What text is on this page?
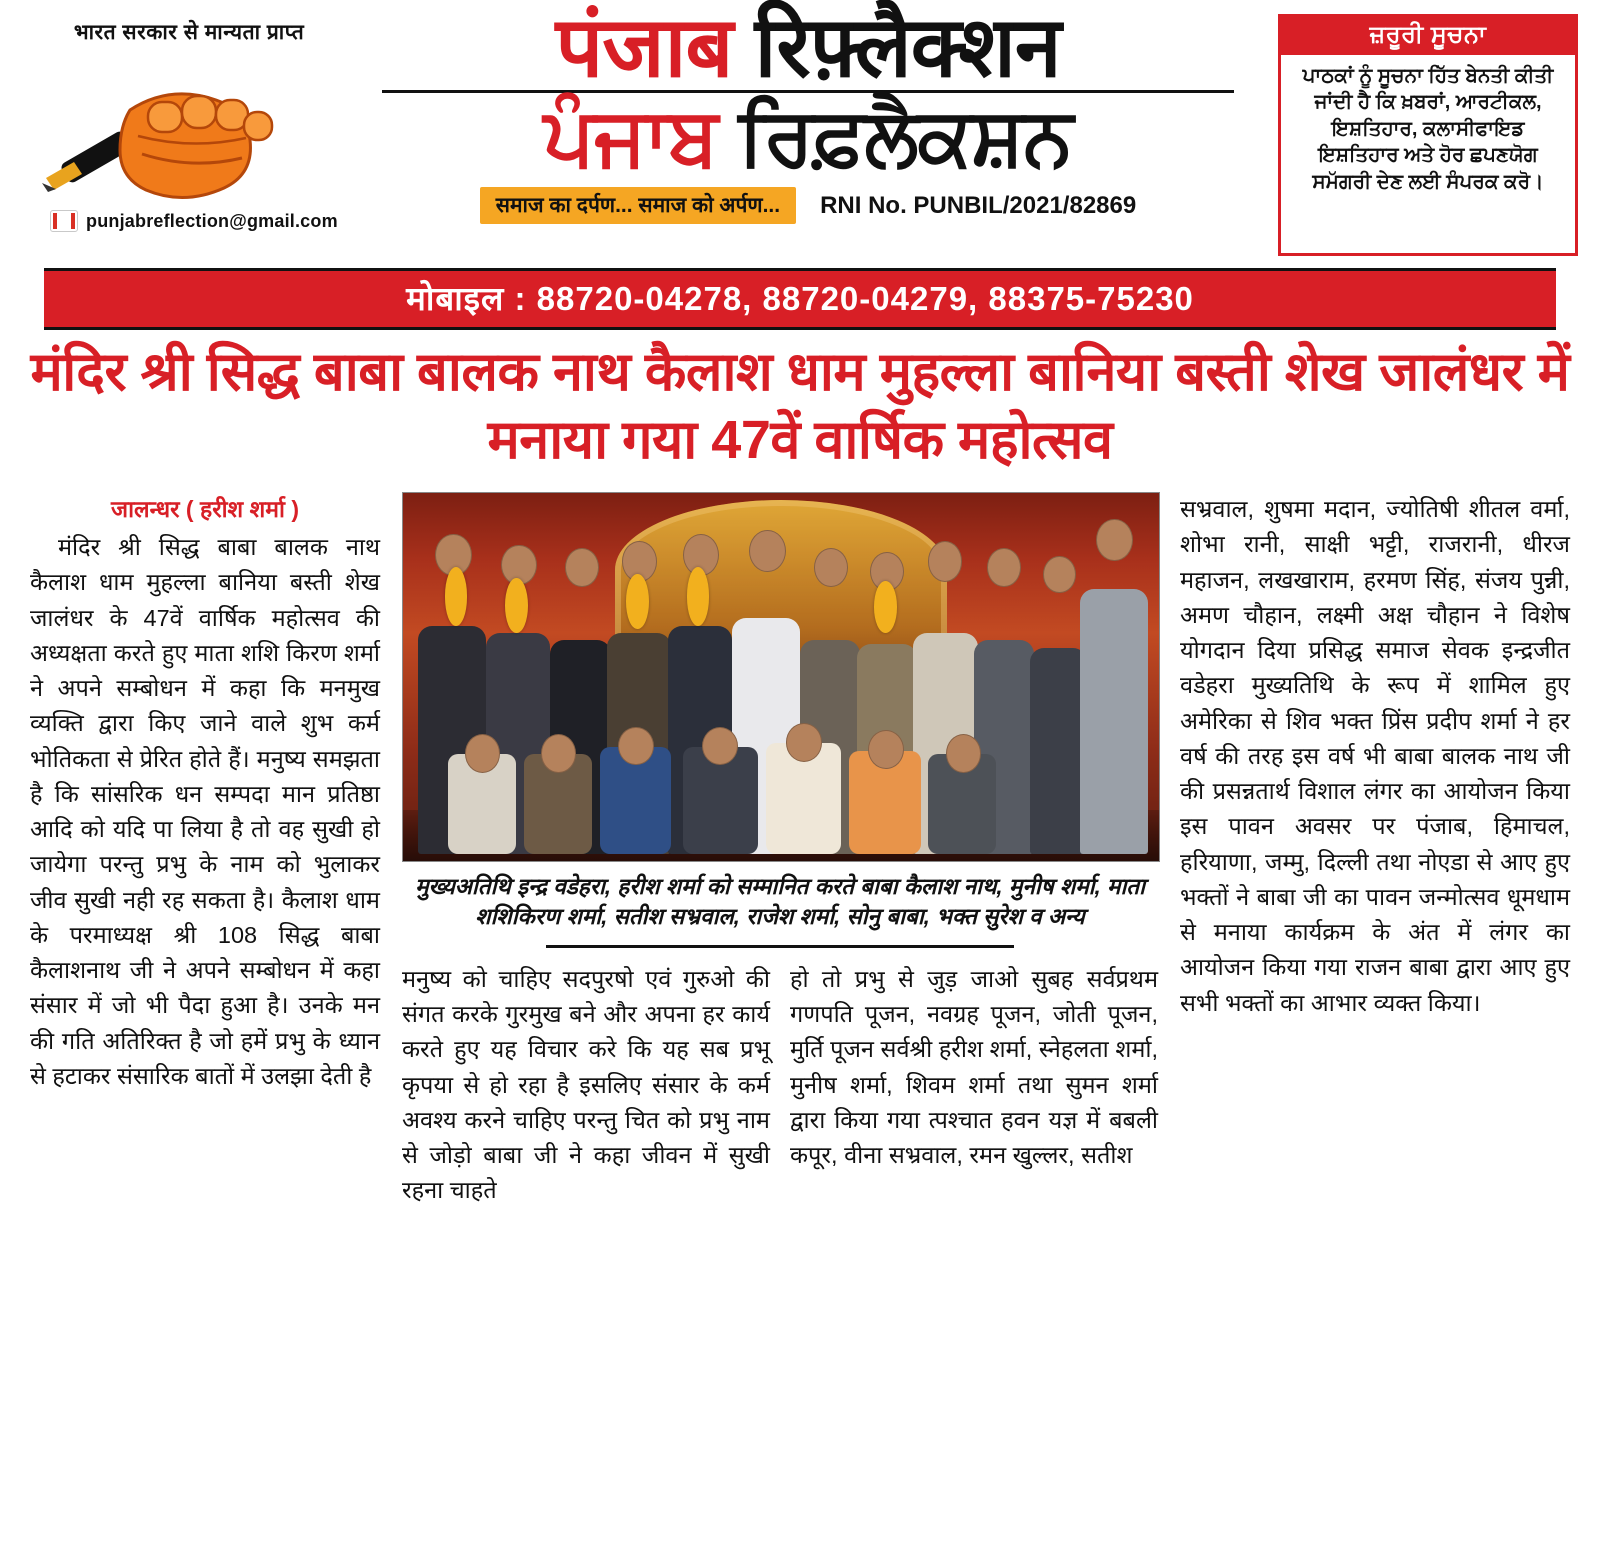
भारत सरकार से मान्यता प्राप्त
punjabreflection@gmail.com
पंजाब रिफ़्लैक्शन
ਪੰਜਾਬ ਰਿਫ਼ਲੈਕਸ਼ਨ
समाज का दर्पण... समाज को अर्पण...	RNI No. PUNBIL/2021/82869
ਜ਼ਰੂਰੀ ਸੂਚਨਾ
ਪਾਠਕਾਂ ਨੂੰ ਸੂਚਨਾ ਹਿੱਤ ਬੇਨਤੀ ਕੀਤੀ ਜਾਂਦੀ ਹੈ ਕਿ ਖ਼ਬਰਾਂ, ਆਰਟੀਕਲ, ਇਸ਼ਤਿਹਾਰ, ਕਲਾਸੀਫਾਇਡ ਇਸ਼ਤਿਹਾਰ ਅਤੇ ਹੋਰ ਛਪਣਯੋਗ ਸਮੱਗਰੀ ਦੇਣ ਲਈ ਸੰਪਰਕ ਕਰੋ।
मोबाइल : 88720-04278, 88720-04279, 88375-75230
मंदिर श्री सिद्ध बाबा बालक नाथ कैलाश धाम मुहल्ला बानिया बस्ती शेख जालंधर में मनाया गया 47वें वार्षिक महोत्सव
जालन्धर ( हरीश शर्मा )

मंदिर श्री सिद्ध बाबा बालक नाथ कैलाश धाम मुहल्ला बानिया बस्ती शेख जालंधर के 47वें वार्षिक महोत्सव की अध्यक्षता करते हुए माता शशि किरण शर्मा ने अपने सम्बोधन में कहा कि मनमुख व्यक्ति द्वारा किए जाने वाले शुभ कर्म भोतिकता से प्रेरित होते हैं। मनुष्य समझता है कि सांसरिक धन सम्पदा मान प्रतिष्ठा आदि को यदि पा लिया है तो वह सुखी हो जायेगा परन्तु प्रभु के नाम को भुलाकर जीव सुखी नही रह सकता है। कैलाश धाम के परमाध्यक्ष श्री 108 सिद्ध बाबा कैलाशनाथ जी ने अपने सम्बोधन में कहा संसार में जो भी पैदा हुआ है। उनके मन की गति अतिरिक्त है जो हमें प्रभु के ध्यान से हटाकर संसारिक बातों में उलझा देती है

मुख्यअतिथि इन्द्र वडेहरा, हरीश शर्मा को सम्मानित करते बाबा कैलाश नाथ, मुनीष शर्मा, माता शशिकिरण शर्मा, सतीश सभ्रवाल, राजेश शर्मा, सोनु बाबा, भक्त सुरेश व अन्य

मनुष्य को चाहिए सदपुरषो एवं गुरुओ की संगत करके गुरमुख बने और अपना हर कार्य करते हुए यह विचार करे कि यह सब प्रभू कृपया से हो रहा है इसलिए संसार के कर्म अवश्य करने चाहिए परन्तु चित को प्रभु नाम से जोड़ो बाबा जी ने कहा जीवन में सुखी रहना चाहते

हो तो प्रभु से जुड़ जाओ सुबह सर्वप्रथम गणपति पूजन, नवग्रह पूजन, जोती पूजन, मुर्ति पूजन सर्वश्री हरीश शर्मा, स्नेहलता शर्मा, मुनीष शर्मा, शिवम शर्मा तथा सुमन शर्मा द्वारा किया गया त्पश्चात हवन यज्ञ में बबली कपूर, वीना सभ्रवाल, रमन खुल्लर, सतीश

सभ्रवाल, शुषमा मदान, ज्योतिषी शीतल वर्मा, शोभा रानी, साक्षी भट्टी, राजरानी, धीरज महाजन, लखखाराम, हरमण सिंह, संजय पुन्नी, अमण चौहान, लक्ष्मी अक्ष चौहान ने विशेष योगदान दिया प्रसिद्ध समाज सेवक इन्द्रजीत वडेहरा मुख्यतिथि के रूप में शामिल हुए अमेरिका से शिव भक्त प्रिंस प्रदीप शर्मा ने हर वर्ष की तरह इस वर्ष भी बाबा बालक नाथ जी की प्रसन्नतार्थ विशाल लंगर का आयोजन किया इस पावन अवसर पर पंजाब, हिमाचल, हरियाणा, जम्मु, दिल्ली तथा नोएडा से आए हुए भक्तों ने बाबा जी का पावन जन्मोत्सव धूमधाम से मनाया कार्यक्रम के अंत में लंगर का आयोजन किया गया राजन बाबा द्वारा आए हुए सभी भक्तों का आभार व्यक्त किया।
